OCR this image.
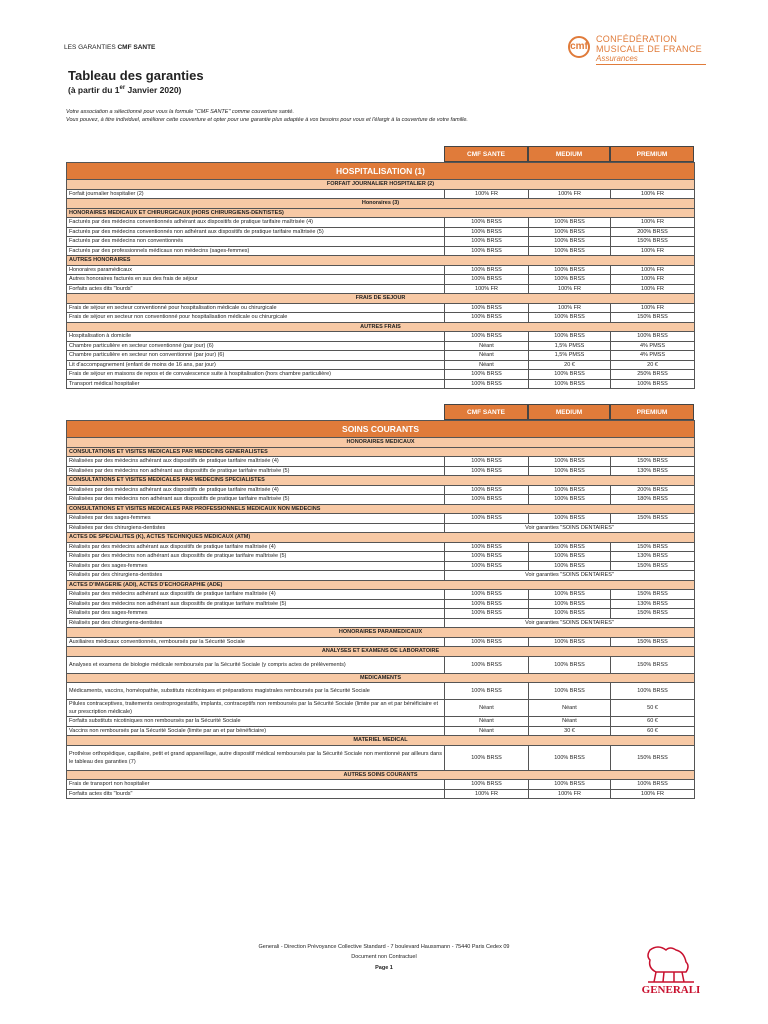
LES GARANTIES CMF SANTE	cmf
CONFÉDÉRATION
MUSICALE DE FRANCE
Assurances
Tableau des garanties
(à partir du 1er Janvier 2020)
Votre association a sélectionné pour vous la formule "CMF SANTE" comme couverture santé.
Vous pouvez, à titre individuel, améliorer cette couverture et opter pour une garantie plus adaptée à vos besoins pour vous et l'élargir à la couverture de votre famille.
CMF SANTE	MEDIUM	PREMIUM
HOSPITALISATION (1)			
FORFAIT JOURNALIER HOSPITALIER (2)			
Forfait journalier hospitalier (2)	100% FR	100% FR	100% FR
Honoraires (3)			
HONORAIRES MEDICAUX ET CHIRURGICAUX (HORS CHIRURGIENS-DENTISTES)			
Facturés par des médecins conventionnés adhérant aux dispositifs de pratique tarifaire maîtrisée (4)	100% BRSS	100% BRSS	100% FR
Facturés par des médecins conventionnés non adhérant aux dispositifs de pratique tarifaire maîtrisée (5)	100% BRSS	100% BRSS	200% BRSS
Facturés par des médecins non conventionnés	100% BRSS	100% BRSS	150% BRSS
Facturés par des professionnels médicaux non médecins (sages-femmes)	100% BRSS	100% BRSS	100% FR
AUTRES HONORAIRES			
Honoraires paramédicaux	100% BRSS	100% BRSS	100% FR
Autres honoraires facturés en sus des frais de séjour	100% BRSS	100% BRSS	100% FR
Forfaits actes dits "lourds"	100% FR	100% FR	100% FR
FRAIS DE SEJOUR			
Frais de séjour en secteur conventionné pour hospitalisation médicale ou chirurgicale	100% BRSS	100% FR	100% FR
Frais de séjour en secteur non conventionné pour hospitalisation médicale ou chirurgicale	100% BRSS	100% BRSS	150% BRSS
AUTRES FRAIS			
Hospitalisation à domicile	100% BRSS	100% BRSS	100% BRSS
Chambre particulière en secteur conventionné (par jour) (6)	Néant	1,5% PMSS	4% PMSS
Chambre particulière en secteur non conventionné (par jour) (6)	Néant	1,5% PMSS	4% PMSS
Lit d'accompagnement (enfant de moins de 16 ans, par jour)	Néant	20 €	20 €
Frais de séjour en maisons de repos et de convalescence suite à hospitalisation (hors chambre particulière)	100% BRSS	100% BRSS	250% BRSS
Transport médical hospitalier	100% BRSS	100% BRSS	100% BRSS
CMF SANTE	MEDIUM	PREMIUM
SOINS COURANTS			
HONORAIRES MEDICAUX			
CONSULTATIONS ET VISITES MEDICALES PAR MEDECINS GENERALISTES			
Réalisées par des médecins adhérant aux dispositifs de pratique tarifaire maîtrisée (4)	100% BRSS	100% BRSS	150% BRSS
Réalisées par des médecins non adhérant aux dispositifs de pratique tarifaire maîtrisée (5)	100% BRSS	100% BRSS	130% BRSS
CONSULTATIONS ET VISITES MEDICALES PAR MEDECINS SPECIALISTES			
Réalisées par des médecins adhérant aux dispositifs de pratique tarifaire maîtrisée (4)	100% BRSS	100% BRSS	200% BRSS
Réalisées par des médecins non adhérant aux dispositifs de pratique tarifaire maîtrisée (5)	100% BRSS	100% BRSS	180% BRSS
CONSULTATIONS ET VISITES MEDICALES PAR PROFESSIONNELS MEDICAUX NON MEDECINS			
Réalisées par des sages-femmes	100% BRSS	100% BRSS	150% BRSS
Réalisées par des chirurgiens-dentistes	Voir garanties "SOINS DENTAIRES"		
ACTES DE SPECIALITES (K), ACTES TECHNIQUES MEDICAUX (ATM)			
Réalisés par des médecins adhérant aux dispositifs de pratique tarifaire maîtrisée (4)	100% BRSS	100% BRSS	150% BRSS
Réalisés par des médecins non adhérant aux dispositifs de pratique tarifaire maîtrisée (5)	100% BRSS	100% BRSS	130% BRSS
Réalisés par des sages-femmes	100% BRSS	100% BRSS	150% BRSS
Réalisés par des chirurgiens-dentistes	Voir garanties "SOINS DENTAIRES"		
ACTES D'IMAGERIE (ADI), ACTES D'ECHOGRAPHIE (ADE)			
Réalisés par des médecins adhérant aux dispositifs de pratique tarifaire maîtrisée (4)	100% BRSS	100% BRSS	150% BRSS
Réalisés par des médecins non adhérant aux dispositifs de pratique tarifaire maîtrisée (5)	100% BRSS	100% BRSS	130% BRSS
Réalisés par des sages-femmes	100% BRSS	100% BRSS	150% BRSS
Réalisés par des chirurgiens-dentistes	Voir garanties "SOINS DENTAIRES"		
HONORAIRES PARAMEDICAUX			
Auxiliaires médicaux conventionnés, remboursés par la Sécurité Sociale	100% BRSS	100% BRSS	150% BRSS
ANALYSES ET EXAMENS DE LABORATOIRE			
Analyses et examens de biologie médicale remboursés par la Sécurité Sociale (y compris actes de prélèvements)	100% BRSS	100% BRSS	150% BRSS
MEDICAMENTS			
Médicaments, vaccins, homéopathie, substituts nicotiniques et préparations magistrales remboursés par la Sécurité Sociale	100% BRSS	100% BRSS	100% BRSS
Pilules contraceptives, traitements oestroprogestatifs, implants, contraceptifs non remboursés par la Sécurité Sociale (limite par an et par bénéficiaire et sur prescription médicale)	Néant	Néant	50 €
Forfaits substituts nicotiniques non remboursés par la Sécurité Sociale	Néant	Néant	60 €
Vaccins non remboursés par la Sécurité Sociale (limite par an et par bénéficiaire)	Néant	30 €	60 €
MATERIEL MEDICAL			
Prothèse orthopédique, capillaire, petit et grand appareillage, autre dispositif médical remboursés par la Sécurité Sociale non mentionné par ailleurs dans le tableau des garanties (7)	100% BRSS	100% BRSS	150% BRSS
AUTRES SOINS COURANTS			
Frais de transport non hospitalier	100% BRSS	100% BRSS	100% BRSS
Forfaits actes dits "lourds"	100% FR	100% FR	100% FR
Generali - Direction Prévoyance Collective Standard - 7 boulevard Haussmann - 75440 Paris Cedex 09
Document non Contractuel
Page 1
GENERALI
